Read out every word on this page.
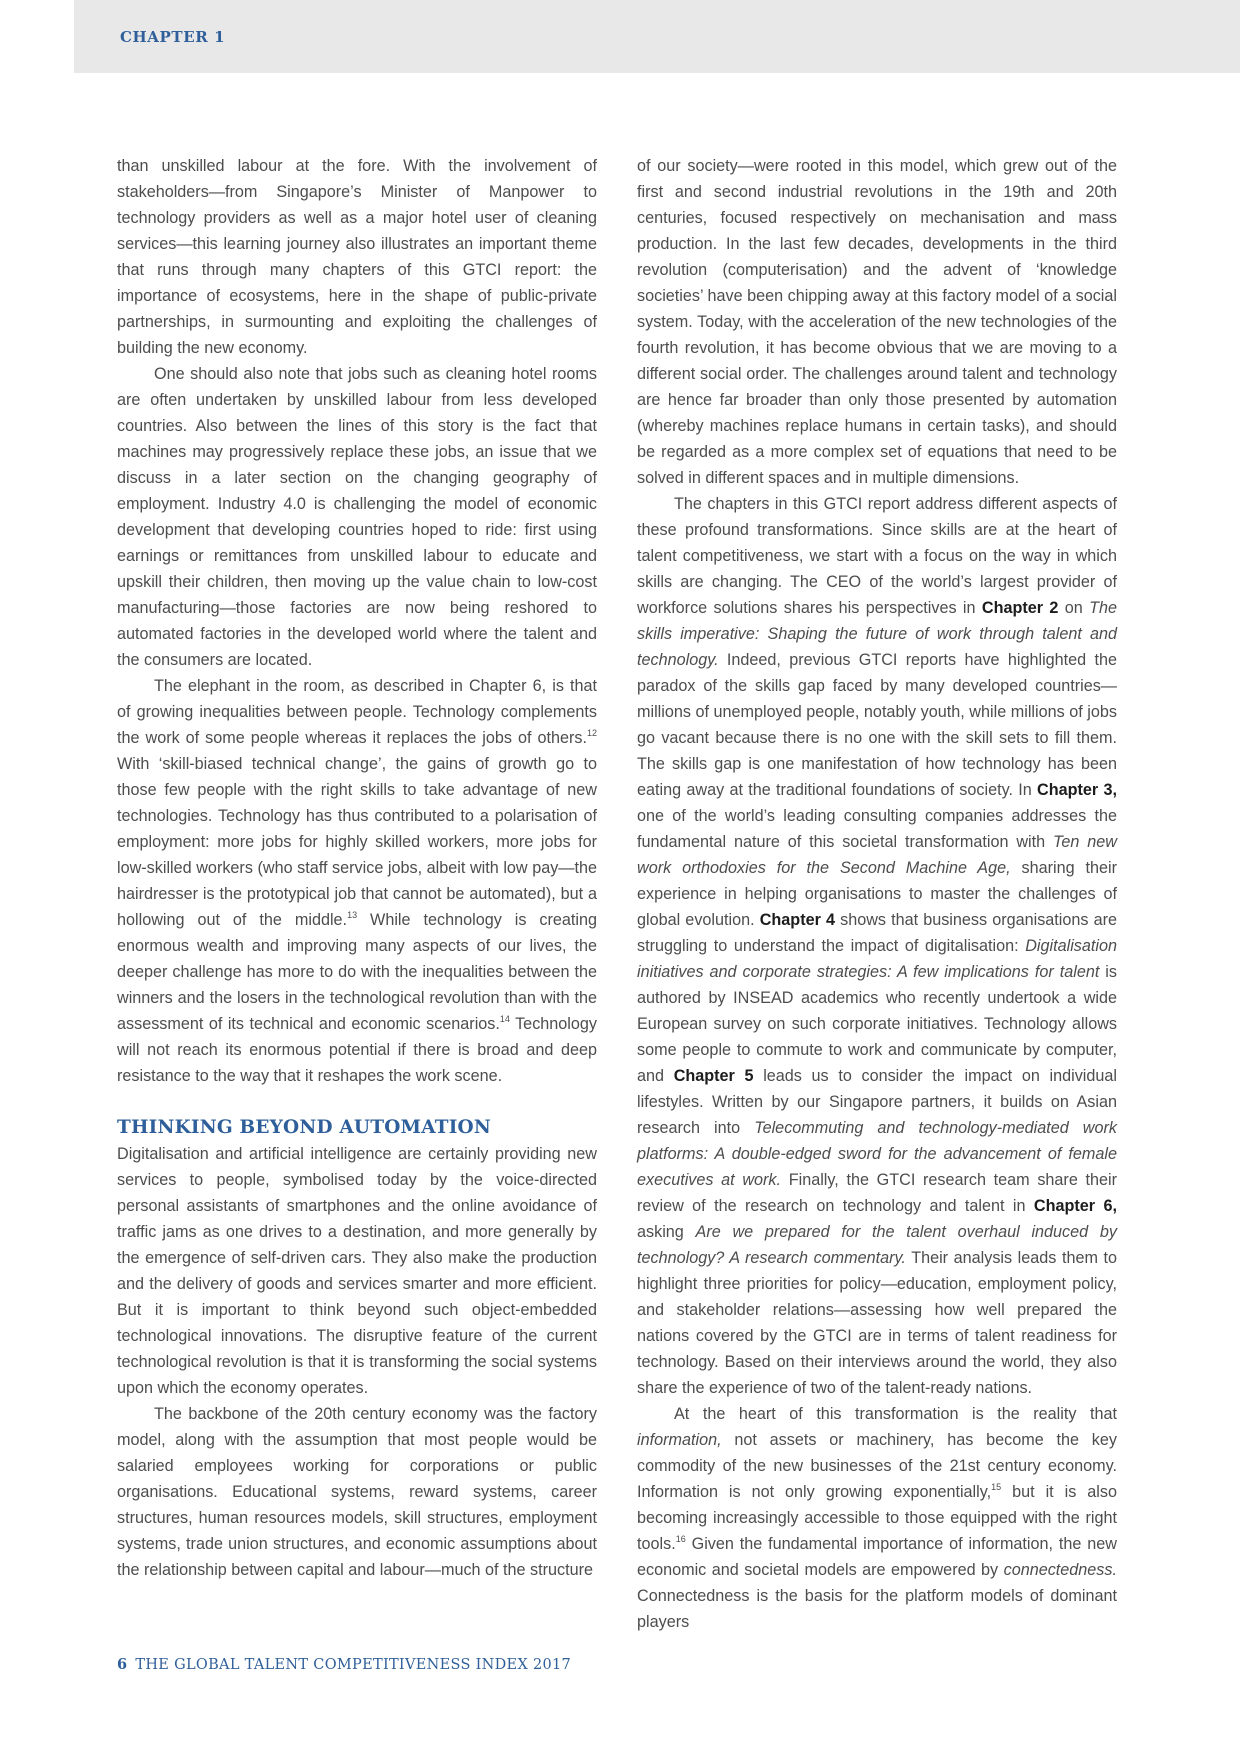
CHAPTER 1

than unskilled labour at the fore. With the involvement of stakeholders—from Singapore’s Minister of Manpower to technology providers as well as a major hotel user of cleaning services—this learning journey also illustrates an important theme that runs through many chapters of this GTCI report: the importance of ecosystems, here in the shape of public-private partnerships, in surmounting and exploiting the challenges of building the new economy.

One should also note that jobs such as cleaning hotel rooms are often undertaken by unskilled labour from less developed countries. Also between the lines of this story is the fact that machines may progressively replace these jobs, an issue that we discuss in a later section on the changing geography of employment. Industry 4.0 is challenging the model of economic development that developing countries hoped to ride: first using earnings or remittances from unskilled labour to educate and upskill their children, then moving up the value chain to low-cost manufacturing—those factories are now being reshored to automated factories in the developed world where the talent and the consumers are located.

The elephant in the room, as described in Chapter 6, is that of growing inequalities between people. Technology complements the work of some people whereas it replaces the jobs of others.$^{12}$ With ‘skill-biased technical change’, the gains of growth go to those few people with the right skills to take advantage of new technologies. Technology has thus contributed to a polarisation of employment: more jobs for highly skilled workers, more jobs for low-skilled workers (who staff service jobs, albeit with low pay—the hairdresser is the prototypical job that cannot be automated), but a hollowing out of the middle.$^{13}$ While technology is creating enormous wealth and improving many aspects of our lives, the deeper challenge has more to do with the inequalities between the winners and the losers in the technological revolution than with the assessment of its technical and economic scenarios.$^{14}$ Technology will not reach its enormous potential if there is broad and deep resistance to the way that it reshapes the work scene.

THINKING BEYOND AUTOMATION

Digitalisation and artificial intelligence are certainly providing new services to people, symbolised today by the voice-directed personal assistants of smartphones and the online avoidance of traffic jams as one drives to a destination, and more generally by the emergence of self-driven cars. They also make the production and the delivery of goods and services smarter and more efficient. But it is important to think beyond such object-embedded technological innovations. The disruptive feature of the current technological revolution is that it is transforming the social systems upon which the economy operates.

The backbone of the 20th century economy was the factory model, along with the assumption that most people would be salaried employees working for corporations or public organisations. Educational systems, reward systems, career structures, human resources models, skill structures, employment systems, trade union structures, and economic assumptions about the relationship between capital and labour—much of the structure

of our society—were rooted in this model, which grew out of the first and second industrial revolutions in the 19th and 20th centuries, focused respectively on mechanisation and mass production. In the last few decades, developments in the third revolution (computerisation) and the advent of ‘knowledge societies’ have been chipping away at this factory model of a social system. Today, with the acceleration of the new technologies of the fourth revolution, it has become obvious that we are moving to a different social order. The challenges around talent and technology are hence far broader than only those presented by automation (whereby machines replace humans in certain tasks), and should be regarded as a more complex set of equations that need to be solved in different spaces and in multiple dimensions.

The chapters in this GTCI report address different aspects of these profound transformations. Since skills are at the heart of talent competitiveness, we start with a focus on the way in which skills are changing. The CEO of the world’s largest provider of workforce solutions shares his perspectives in Chapter 2 on The skills imperative: Shaping the future of work through talent and technology. Indeed, previous GTCI reports have highlighted the paradox of the skills gap faced by many developed countries—millions of unemployed people, notably youth, while millions of jobs go vacant because there is no one with the skill sets to fill them. The skills gap is one manifestation of how technology has been eating away at the traditional foundations of society. In Chapter 3, one of the world’s leading consulting companies addresses the fundamental nature of this societal transformation with Ten new work orthodoxies for the Second Machine Age, sharing their experience in helping organisations to master the challenges of global evolution. Chapter 4 shows that business organisations are struggling to understand the impact of digitalisation: Digitalisation initiatives and corporate strategies: A few implications for talent is authored by INSEAD academics who recently undertook a wide European survey on such corporate initiatives. Technology allows some people to commute to work and communicate by computer, and Chapter 5 leads us to consider the impact on individual lifestyles. Written by our Singapore partners, it builds on Asian research into Telecommuting and technology-mediated work platforms: A double-edged sword for the advancement of female executives at work. Finally, the GTCI research team share their review of the research on technology and talent in Chapter 6, asking Are we prepared for the talent overhaul induced by technology? A research commentary. Their analysis leads them to highlight three priorities for policy—education, employment policy, and stakeholder relations—assessing how well prepared the nations covered by the GTCI are in terms of talent readiness for technology. Based on their interviews around the world, they also share the experience of two of the talent-ready nations.

At the heart of this transformation is the reality that information, not assets or machinery, has become the key commodity of the new businesses of the 21st century economy. Information is not only growing exponentially,$^{15}$ but it is also becoming increasingly accessible to those equipped with the right tools.$^{16}$ Given the fundamental importance of information, the new economic and societal models are empowered by connectedness. Connectedness is the basis for the platform models of dominant players

6 THE GLOBAL TALENT COMPETITIVENESS INDEX 2017
